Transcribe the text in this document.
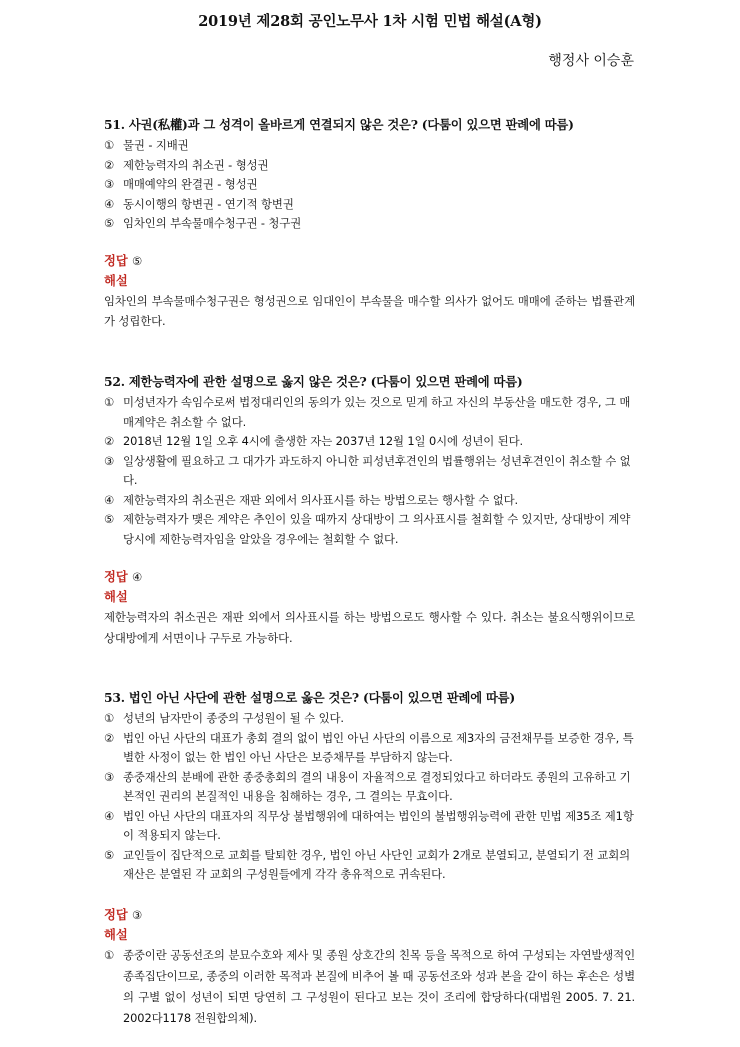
2019년 제28회 공인노무사 1차 시험 민법 해설(A형)
행정사 이승훈
51. 사권(私權)과 그 성격이 올바르게 연결되지 않은 것은? (다툼이 있으면 판례에 따름)
① 물권 - 지배권
② 제한능력자의 취소권 - 형성권
③ 매매예약의 완결권 - 형성권
④ 동시이행의 항변권 - 연기적 항변권
⑤ 임차인의 부속물매수청구권 - 청구권
정답 ⑤
해설
임차인의 부속물매수청구권은 형성권으로 임대인이 부속물을 매수할 의사가 없어도 매매에 준하는 법률관계가 성립한다.
52. 제한능력자에 관한 설명으로 옳지 않은 것은? (다툼이 있으면 판례에 따름)
① 미성년자가 속임수로써 법정대리인의 동의가 있는 것으로 믿게 하고 자신의 부동산을 매도한 경우, 그 매매계약은 취소할 수 없다.
② 2018년 12월 1일 오후 4시에 출생한 자는 2037년 12월 1일 0시에 성년이 된다.
③ 일상생활에 필요하고 그 대가가 과도하지 아니한 피성년후견인의 법률행위는 성년후견인이 취소할 수 없다.
④ 제한능력자의 취소권은 재판 외에서 의사표시를 하는 방법으로는 행사할 수 없다.
⑤ 제한능력자가 맺은 계약은 추인이 있을 때까지 상대방이 그 의사표시를 철회할 수 있지만, 상대방이 계약 당시에 제한능력자임을 알았을 경우에는 철회할 수 없다.
정답 ④
해설
제한능력자의 취소권은 재판 외에서 의사표시를 하는 방법으로도 행사할 수 있다. 취소는 불요식행위이므로 상대방에게 서면이나 구두로 가능하다.
53. 법인 아닌 사단에 관한 설명으로 옳은 것은? (다툼이 있으면 판례에 따름)
① 성년의 남자만이 종중의 구성원이 될 수 있다.
② 법인 아닌 사단의 대표가 총회 결의 없이 법인 아닌 사단의 이름으로 제3자의 금전채무를 보증한 경우, 특별한 사정이 없는 한 법인 아닌 사단은 보증채무를 부담하지 않는다.
③ 종중재산의 분배에 관한 종중총회의 결의 내용이 자율적으로 결정되었다고 하더라도 종원의 고유하고 기본적인 권리의 본질적인 내용을 침해하는 경우, 그 결의는 무효이다.
④ 법인 아닌 사단의 대표자의 직무상 불법행위에 대하여는 법인의 불법행위능력에 관한 민법 제35조 제1항이 적용되지 않는다.
⑤ 교인들이 집단적으로 교회를 탈퇴한 경우, 법인 아닌 사단인 교회가 2개로 분열되고, 분열되기 전 교회의 재산은 분열된 각 교회의 구성원들에게 각각 총유적으로 귀속된다.
정답 ③
해설
① 종중이란 공동선조의 분묘수호와 제사 및 종원 상호간의 친목 등을 목적으로 하여 구성되는 자연발생적인 종족집단이므로, 종중의 이러한 목적과 본질에 비추어 볼 때 공동선조와 성과 본을 같이 하는 후손은 성별의 구별 없이 성년이 되면 당연히 그 구성원이 된다고 보는 것이 조리에 합당하다(대법원 2005. 7. 21. 2002다1178 전원합의체).
